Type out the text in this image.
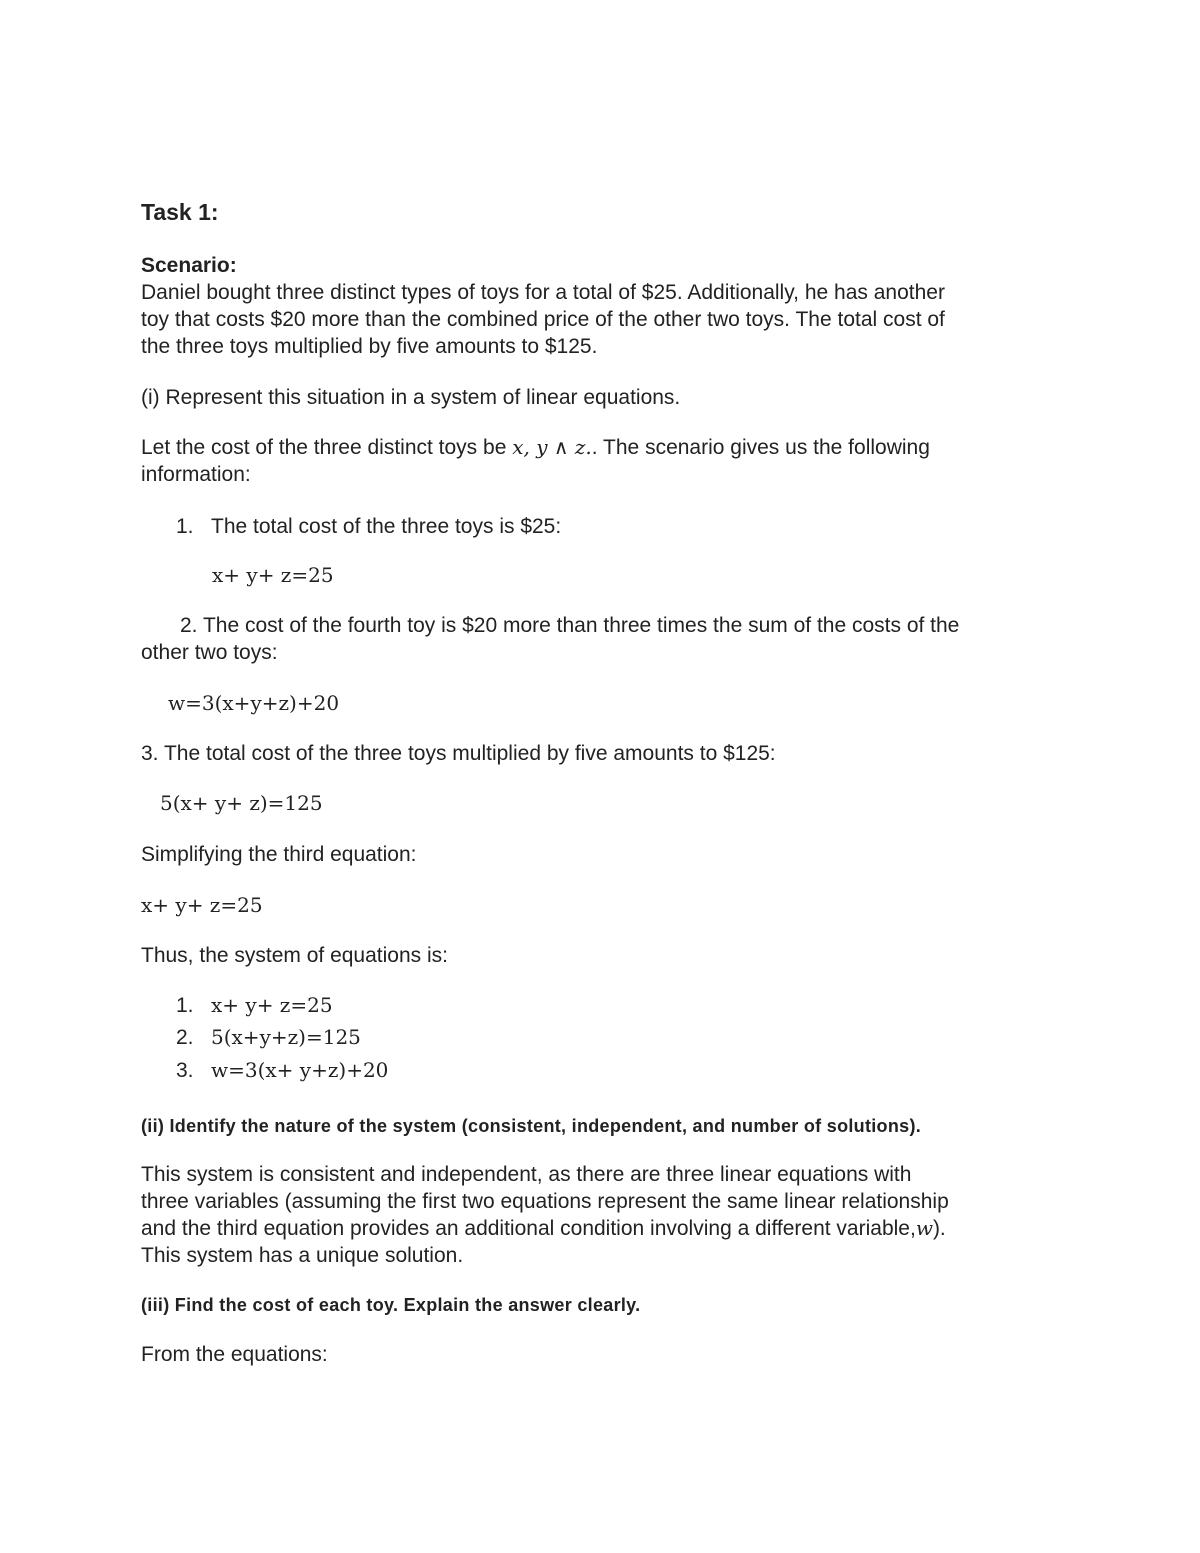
Task 1:
Scenario:
Daniel bought three distinct types of toys for a total of $25. Additionally, he has another
toy that costs $20 more than the combined price of the other two toys. The total cost of
the three toys multiplied by five amounts to $125.
(i) Represent this situation in a system of linear equations.
Let the cost of the three distinct toys be x, y ∧ z.. The scenario gives us the following
information:
1. The total cost of the three toys is $25:
x+ y+ z=25
2. The cost of the fourth toy is $20 more than three times the sum of the costs of the
other two toys:
w=3(x+y+z)+20
3. The total cost of the three toys multiplied by five amounts to $125:
5(x+ y+ z)=125
Simplifying the third equation:
x+ y+ z=25
Thus, the system of equations is:
1. x+ y+ z=25
2. 5(x+y+z)=125
3. w=3(x+ y+z)+20
(ii) Identify the nature of the system (consistent, independent, and number of solutions).
This system is consistent and independent, as there are three linear equations with
three variables (assuming the first two equations represent the same linear relationship
and the third equation provides an additional condition involving a different variable,w).
This system has a unique solution.
(iii) Find the cost of each toy. Explain the answer clearly.
From the equations:
